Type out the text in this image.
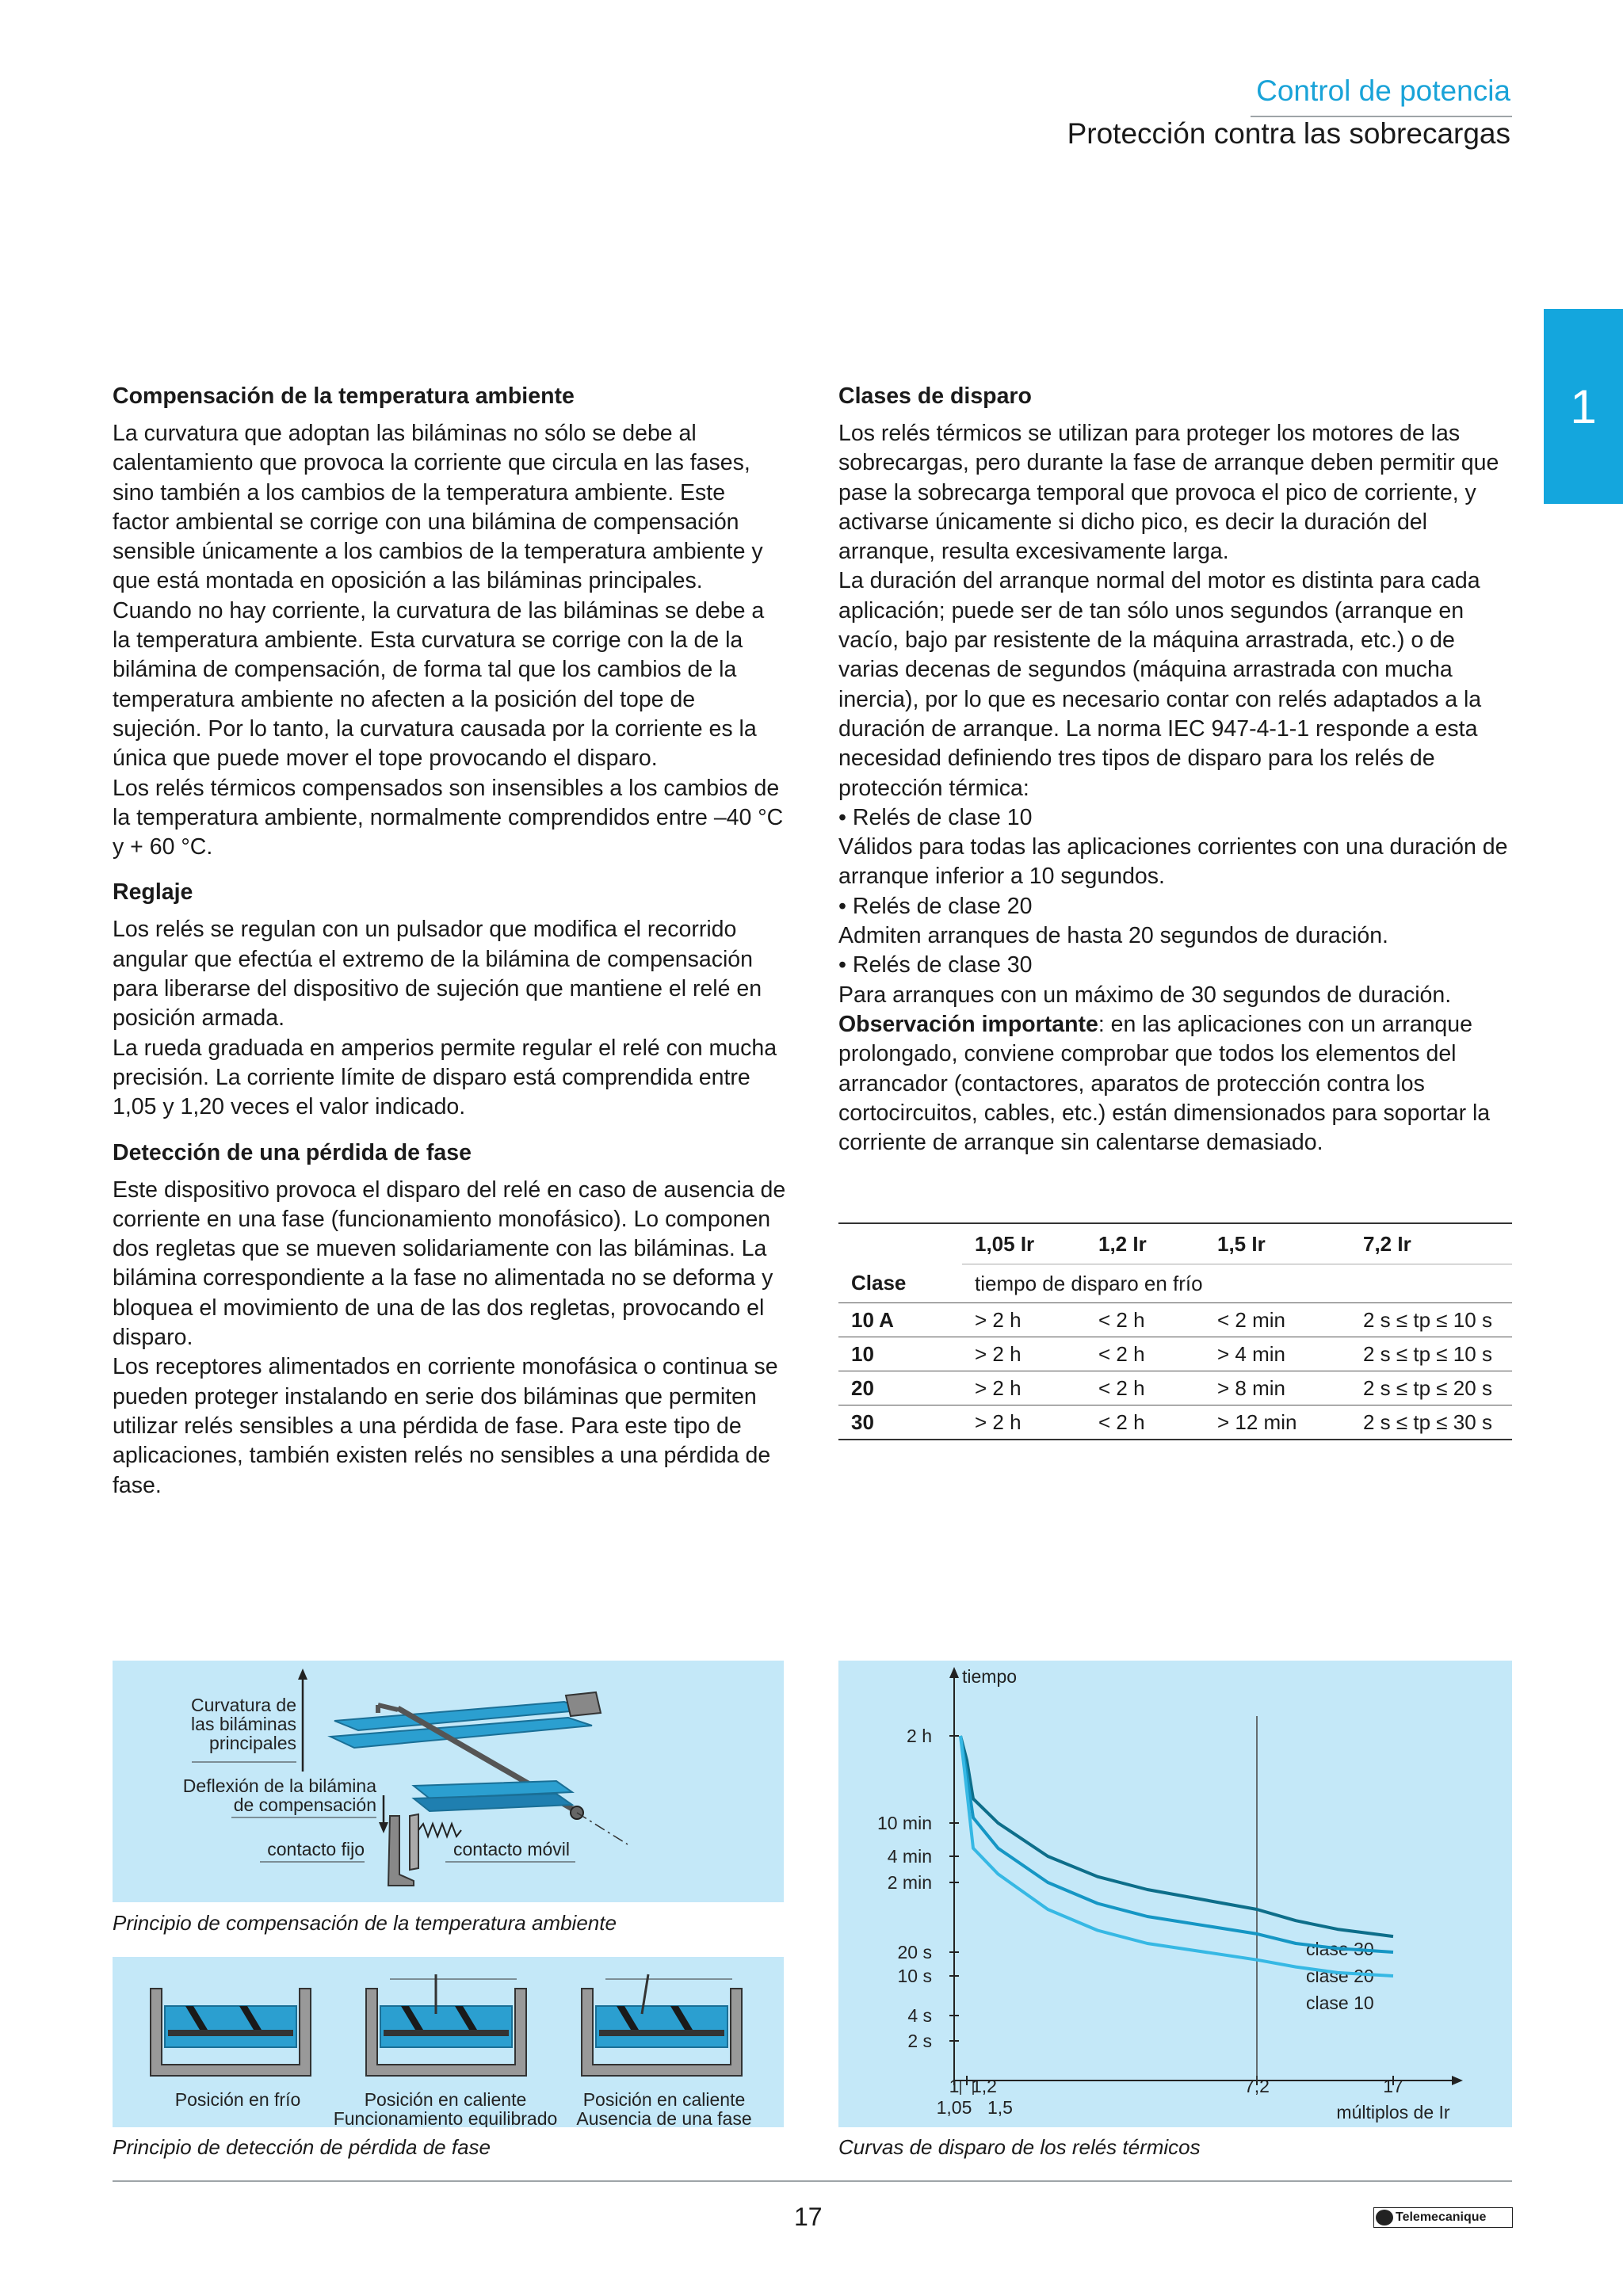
Control de potencia
Protección contra las sobrecargas
1
Compensación de la temperatura ambiente

La curvatura que adoptan las biláminas no sólo se debe al calentamiento que provoca la corriente que circula en las fases, sino también a los cambios de la temperatura ambiente. Este factor ambiental se corrige con una bilámina de compensación sensible únicamente a los cambios de la temperatura ambiente y que está montada en oposición a las biláminas principales.

Cuando no hay corriente, la curvatura de las biláminas se debe a la temperatura ambiente. Esta curvatura se corrige con la de la bilámina de compensación, de forma tal que los cambios de la temperatura ambiente no afecten a la posición del tope de sujeción. Por lo tanto, la curvatura causada por la corriente es la única que puede mover el tope provocando el disparo.

Los relés térmicos compensados son insensibles a los cambios de la temperatura ambiente, normalmente comprendidos entre –40 °C y + 60 °C.

Reglaje

Los relés se regulan con un pulsador que modifica el recorrido angular que efectúa el extremo de la bilámina de compensación para liberarse del dispositivo de sujeción que mantiene el relé en posición armada.

La rueda graduada en amperios permite regular el relé con mucha precisión. La corriente límite de disparo está comprendida entre 1,05 y 1,20 veces el valor indicado.

Detección de una pérdida de fase

Este dispositivo provoca el disparo del relé en caso de ausencia de corriente en una fase (funcionamiento monofásico). Lo componen dos regletas que se mueven solidariamente con las biláminas. La bilámina correspondiente a la fase no alimentada no se deforma y bloquea el movimiento de una de las dos regletas, provocando el disparo.

Los receptores alimentados en corriente monofásica o continua se pueden proteger instalando en serie dos biláminas que permiten utilizar relés sensibles a una pérdida de fase. Para este tipo de aplicaciones, también existen relés no sensibles a una pérdida de fase.

Clases de disparo

Los relés térmicos se utilizan para proteger los motores de las sobrecargas, pero durante la fase de arranque deben permitir que pase la sobrecarga temporal que provoca el pico de corriente, y activarse únicamente si dicho pico, es decir la duración del arranque, resulta excesivamente larga.

La duración del arranque normal del motor es distinta para cada aplicación; puede ser de tan sólo unos segundos (arranque en vacío, bajo par resistente de la máquina arrastrada, etc.) o de varias decenas de segundos (máquina arrastrada con mucha inercia), por lo que es necesario contar con relés adaptados a la duración de arranque. La norma IEC 947-4-1-1 responde a esta necesidad definiendo tres tipos de disparo para los relés de protección térmica:

• Relés de clase 10

Válidos para todas las aplicaciones corrientes con una duración de arranque inferior a 10 segundos.

• Relés de clase 20

Admiten arranques de hasta 20 segundos de duración.

• Relés de clase 30

Para arranques con un máximo de 30 segundos de duración.

Observación importante: en las aplicaciones con un arranque prolongado, conviene comprobar que todos los elementos del arrancador (contactores, aparatos de protección contra los cortocircuitos, cables, etc.) están dimensionados para soportar la corriente de arranque sin calentarse demasiado.

	1,05 Ir	1,2 Ir	1,5 Ir	7,2 Ir
Clase	tiempo de disparo en frío			
10 A	> 2 h	< 2 h	< 2 min	2 s ≤ tp ≤ 10 s
10	> 2 h	< 2 h	> 4 min	2 s ≤ tp ≤ 10 s
20	> 2 h	< 2 h	> 8 min	2 s ≤ tp ≤ 20 s
30	> 2 h	< 2 h	> 12 min	2 s ≤ tp ≤ 30 s
Curvatura de
las biláminas
principales
Deflexión de la bilámina
de compensación
contacto fijo	contacto móvil
Principio de compensación de la temperatura ambiente
Posición en frío	Posición en caliente
Funcionamiento equilibrado
Posición en caliente
Ausencia de una fase
Principio de detección de pérdida de fase
tiempo
múltiplos de Ir
2 h
10 min
4 min
2 min
20 s
10 s
4 s
2 s
1 1,2	7,2	17
1,05 1,5
clase 30
clase 20
clase 10
Curvas de disparo de los relés térmicos
17	Telemecanique
